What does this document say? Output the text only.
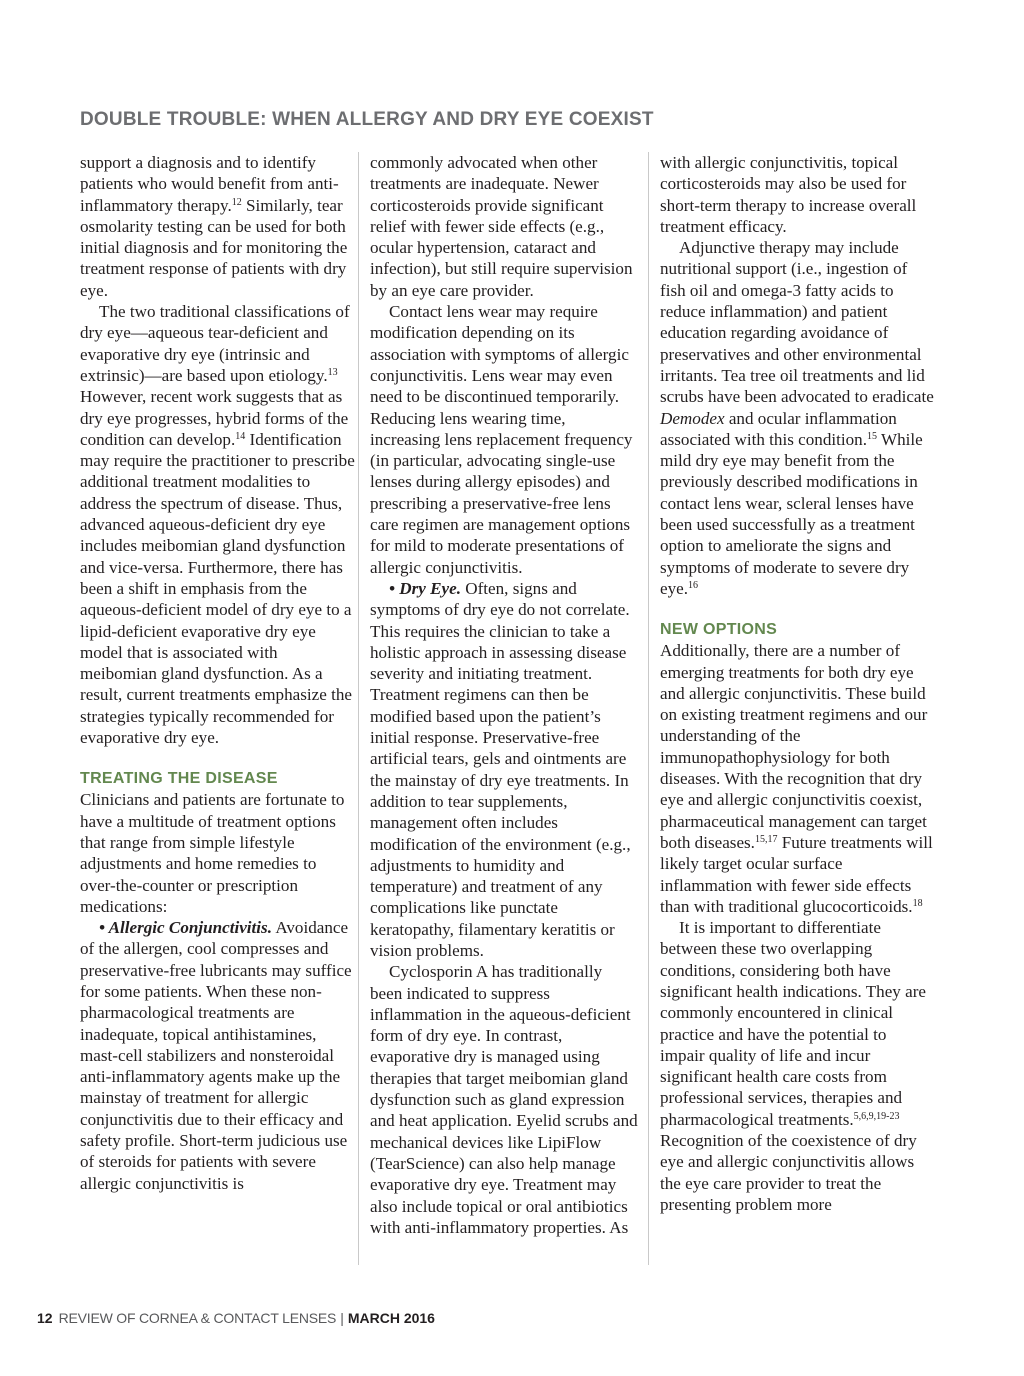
DOUBLE TROUBLE: WHEN ALLERGY AND DRY EYE COEXIST

support a diagnosis and to identify patients who would benefit from anti-inflammatory therapy.$^{12}$ Similarly, tear osmolarity testing can be used for both initial diagnosis and for monitoring the treatment response of patients with dry eye.

The two traditional classifications of dry eye—aqueous tear-deficient and evaporative dry eye (intrinsic and extrinsic)—are based upon etiology.$^{13}$ However, recent work suggests that as dry eye progresses, hybrid forms of the condition can develop.$^{14}$ Identification may require the practitioner to prescribe additional treatment modalities to address the spectrum of disease. Thus, advanced aqueous-deficient dry eye includes meibomian gland dysfunction and vice-versa. Furthermore, there has been a shift in emphasis from the aqueous-deficient model of dry eye to a lipid-deficient evaporative dry eye model that is associated with meibomian gland dysfunction. As a result, current treatments emphasize the strategies typically recommended for evaporative dry eye.

TREATING THE DISEASE

Clinicians and patients are fortunate to have a multitude of treatment options that range from simple lifestyle adjustments and home remedies to over-the-counter or prescription medications:

• Allergic Conjunctivitis. Avoidance of the allergen, cool compresses and preservative-free lubricants may suffice for some patients. When these non-pharmacological treatments are inadequate, topical antihistamines, mast-cell stabilizers and nonsteroidal anti-inflammatory agents make up the mainstay of treatment for allergic conjunctivitis due to their efficacy and safety profile. Short-term judicious use of steroids for patients with severe allergic conjunctivitis is

commonly advocated when other treatments are inadequate. Newer corticosteroids provide significant relief with fewer side effects (e.g., ocular hypertension, cataract and infection), but still require supervision by an eye care provider.

Contact lens wear may require modification depending on its association with symptoms of allergic conjunctivitis. Lens wear may even need to be discontinued temporarily. Reducing lens wearing time, increasing lens replacement frequency (in particular, advocating single-use lenses during allergy episodes) and prescribing a preservative-free lens care regimen are management options for mild to moderate presentations of allergic conjunctivitis.

• Dry Eye. Often, signs and symptoms of dry eye do not correlate. This requires the clinician to take a holistic approach in assessing disease severity and initiating treatment. Treatment regimens can then be modified based upon the patient’s initial response. Preservative-free artificial tears, gels and ointments are the mainstay of dry eye treatments. In addition to tear supplements, management often includes modification of the environment (e.g., adjustments to humidity and temperature) and treatment of any complications like punctate keratopathy, filamentary keratitis or vision problems.

Cyclosporin A has traditionally been indicated to suppress inflammation in the aqueous-deficient form of dry eye. In contrast, evaporative dry is managed using therapies that target meibomian gland dysfunction such as gland expression and heat application. Eyelid scrubs and mechanical devices like LipiFlow (TearScience) can also help manage evaporative dry eye. Treatment may also include topical or oral antibiotics with anti-inflammatory properties. As

with allergic conjunctivitis, topical corticosteroids may also be used for short-term therapy to increase overall treatment efficacy.

Adjunctive therapy may include nutritional support (i.e., ingestion of fish oil and omega-3 fatty acids to reduce inflammation) and patient education regarding avoidance of preservatives and other environmental irritants. Tea tree oil treatments and lid scrubs have been advocated to eradicate Demodex and ocular inflammation associated with this condition.$^{15}$ While mild dry eye may benefit from the previously described modifications in contact lens wear, scleral lenses have been used successfully as a treatment option to ameliorate the signs and symptoms of moderate to severe dry eye.$^{16}$

NEW OPTIONS

Additionally, there are a number of emerging treatments for both dry eye and allergic conjunctivitis. These build on existing treatment regimens and our understanding of the immunopathophysiology for both diseases. With the recognition that dry eye and allergic conjunctivitis coexist, pharmaceutical management can target both diseases.$^{15,17}$ Future treatments will likely target ocular surface inflammation with fewer side effects than with traditional glucocorticoids.$^{18}$

It is important to differentiate between these two overlapping conditions, considering both have significant health indications. They are commonly encountered in clinical practice and have the potential to impair quality of life and incur significant health care costs from professional services, therapies and pharmacological treatments.$^{5,6,9,19-23}$ Recognition of the coexistence of dry eye and allergic conjunctivitis allows the eye care provider to treat the presenting problem more

12 REVIEW OF CORNEA & CONTACT LENSES | MARCH 2016
